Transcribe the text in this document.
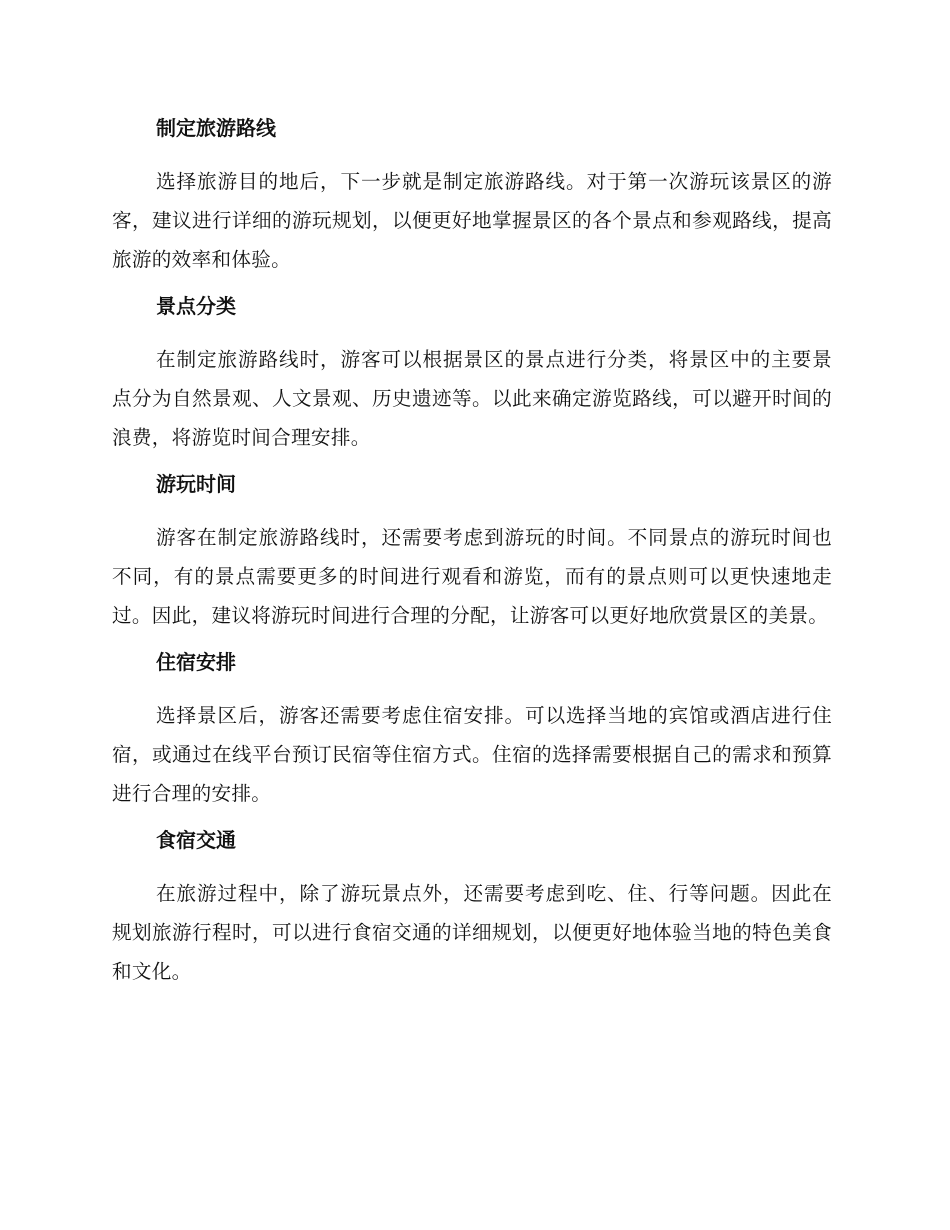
制定旅游路线

选择旅游目的地后，下一步就是制定旅游路线。对于第一次游玩该景区的游客，建议进行详细的游玩规划，以便更好地掌握景区的各个景点和参观路线，提高旅游的效率和体验。

景点分类

在制定旅游路线时，游客可以根据景区的景点进行分类，将景区中的主要景点分为自然景观、人文景观、历史遗迹等。以此来确定游览路线，可以避开时间的浪费，将游览时间合理安排。

游玩时间

游客在制定旅游路线时，还需要考虑到游玩的时间。不同景点的游玩时间也不同，有的景点需要更多的时间进行观看和游览，而有的景点则可以更快速地走过。因此，建议将游玩时间进行合理的分配，让游客可以更好地欣赏景区的美景。

住宿安排

选择景区后，游客还需要考虑住宿安排。可以选择当地的宾馆或酒店进行住宿，或通过在线平台预订民宿等住宿方式。住宿的选择需要根据自己的需求和预算进行合理的安排。

食宿交通

在旅游过程中，除了游玩景点外，还需要考虑到吃、住、行等问题。因此在规划旅游行程时，可以进行食宿交通的详细规划，以便更好地体验当地的特色美食和文化。
